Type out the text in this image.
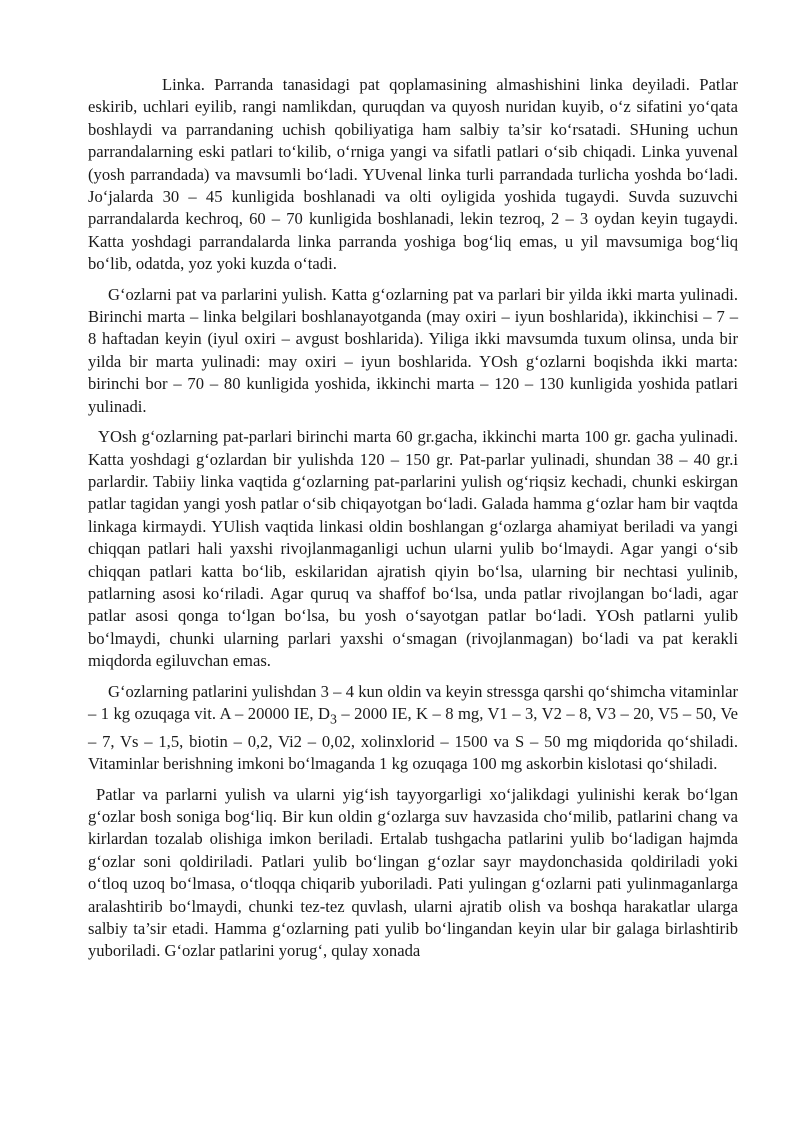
Linka. Parranda tanasidagi pat qoplamasining almashishini linka deyiladi. Patlar eskirib, uchlari eyilib, rangi namlikdan, quruqdan va quyosh nuridan kuyib, o‘z sifatini yo‘qata boshlaydi va parrandaning uchish qobiliyatiga ham salbiy ta’sir ko‘rsatadi. SHuning uchun parrandalarning eski patlari to‘kilib, o‘rniga yangi va sifatli patlari o‘sib chiqadi. Linka yuvenal (yosh parrandada) va mavsumli bo‘ladi. YUvenal linka turli parrandada turlicha yoshda bo‘ladi. Jo‘jalarda 30 – 45 kunligida boshlanadi va olti oyligida yoshida tugaydi. Suvda suzuvchi parrandalarda kechroq, 60 – 70 kunligida boshlanadi, lekin tezroq, 2 – 3 oydan keyin tugaydi. Katta yoshdagi parrandalarda linka parranda yoshiga bog‘liq emas, u yil mavsumiga bog‘liq bo‘lib, odatda, yoz yoki kuzda o‘tadi.

G‘ozlarni pat va parlarini yulish. Katta g‘ozlarning pat va parlari bir yilda ikki marta yulinadi. Birinchi marta – linka belgilari boshlanayotganda (may oxiri – iyun boshlarida), ikkinchisi – 7 – 8 haftadan keyin (iyul oxiri – avgust boshlarida). Yiliga ikki mavsumda tuxum olinsa, unda bir yilda bir marta yulinadi: may oxiri – iyun boshlarida. YOsh g‘ozlarni boqishda ikki marta: birinchi bor – 70 – 80 kunligida yoshida, ikkinchi marta – 120 – 130 kunligida yoshida patlari yulinadi.

YOsh g‘ozlarning pat-parlari birinchi marta 60 gr.gacha, ikkinchi marta 100 gr. gacha yulinadi. Katta yoshdagi g‘ozlardan bir yulishda 120 – 150 gr. Pat-parlar yulinadi, shundan 38 – 40 gr.i parlardir. Tabiiy linka vaqtida g‘ozlarning pat-parlarini yulish og‘riqsiz kechadi, chunki eskirgan patlar tagidan yangi yosh patlar o‘sib chiqayotgan bo‘ladi. Galada hamma g‘ozlar ham bir vaqtda linkaga kirmaydi. YUlish vaqtida linkasi oldin boshlangan g‘ozlarga ahamiyat beriladi va yangi chiqqan patlari hali yaxshi rivojlanmaganligi uchun ularni yulib bo‘lmaydi. Agar yangi o‘sib chiqqan patlari katta bo‘lib, eskilaridan ajratish qiyin bo‘lsa, ularning bir nechtasi yulinib, patlarning asosi ko‘riladi. Agar quruq va shaffof bo‘lsa, unda patlar rivojlangan bo‘ladi, agar patlar asosi qonga to‘lgan bo‘lsa, bu yosh o‘sayotgan patlar bo‘ladi. YOsh patlarni yulib bo‘lmaydi, chunki ularning parlari yaxshi o‘smagan (rivojlanmagan) bo‘ladi va pat kerakli miqdorda egiluvchan emas.

G‘ozlarning patlarini yulishdan 3 – 4 kun oldin va keyin stressga qarshi qo‘shimcha vitaminlar – 1 kg ozuqaga vit. A – 20000 IE, $D_3 - 2000$ IE, K – 8 mg, V1 – 3, V2 – 8, V3 – 20, V5 – 50, Ve – 7, Vs – 1,5, biotin – 0,2, Vi2 – 0,02, xolinxlorid – 1500 va S – 50 mg miqdorida qo‘shiladi. Vitaminlar berishning imkoni bo‘lmaganda 1 kg ozuqaga 100 mg askorbin kislotasi qo‘shiladi.

Patlar va parlarni yulish va ularni yig‘ish tayyorgarligi xo‘jalikdagi yulinishi kerak bo‘lgan g‘ozlar bosh soniga bog‘liq. Bir kun oldin g‘ozlarga suv havzasida cho‘milib, patlarini chang va kirlardan tozalab olishiga imkon beriladi. Ertalab tushgacha patlarini yulib bo‘ladigan hajmda g‘ozlar soni qoldiriladi. Patlari yulib bo‘lingan g‘ozlar sayr maydonchasida qoldiriladi yoki o‘tloq uzoq bo‘lmasa, o‘tloqqa chiqarib yuboriladi. Pati yulingan g‘ozlarni pati yulinmaganlarga aralashtirib bo‘lmaydi, chunki tez-tez quvlash, ularni ajratib olish va boshqa harakatlar ularga salbiy ta’sir etadi. Hamma g‘ozlarning pati yulib bo‘lingandan keyin ular bir galaga birlashtirib yuboriladi. G‘ozlar patlarini yorug‘, qulay xonada
